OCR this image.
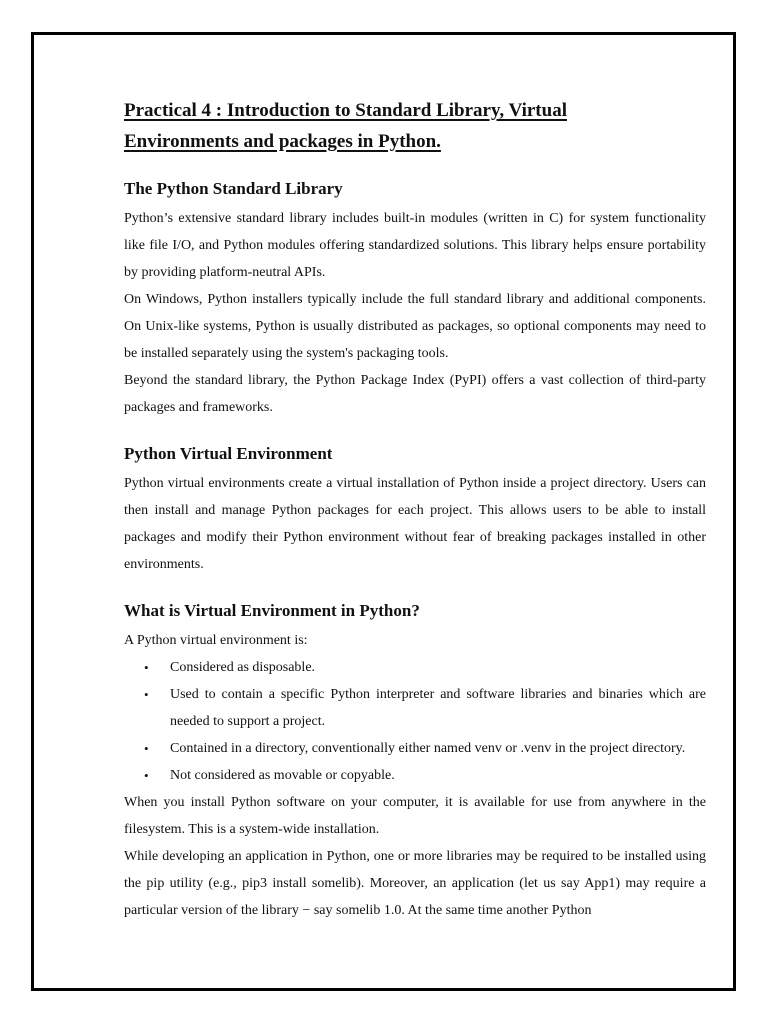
Practical 4 : Introduction to Standard Library, Virtual
Environments and packages in Python.
The Python Standard Library

Python’s extensive standard library includes built-in modules (written in C) for system functionality like file I/O, and Python modules offering standardized solutions. This library helps ensure portability by providing platform-neutral APIs.

On Windows, Python installers typically include the full standard library and additional components. On Unix-like systems, Python is usually distributed as packages, so optional components may need to be installed separately using the system's packaging tools.

Beyond the standard library, the Python Package Index (PyPI) offers a vast collection of third-party packages and frameworks.

Python Virtual Environment

Python virtual environments create a virtual installation of Python inside a project directory. Users can then install and manage Python packages for each project. This allows users to be able to install packages and modify their Python environment without fear of breaking packages installed in other environments.

What is Virtual Environment in Python?

A Python virtual environment is:

• Considered as disposable.
• Used to contain a specific Python interpreter and software libraries and binaries which are needed to support a project.
• Contained in a directory, conventionally either named venv or .venv in the project directory.
• Not considered as movable or copyable.

When you install Python software on your computer, it is available for use from anywhere in the filesystem. This is a system-wide installation.

While developing an application in Python, one or more libraries may be required to be installed using the pip utility (e.g., pip3 install somelib). Moreover, an application (let us say App1) may require a particular version of the library − say somelib 1.0. At the same time another Python
